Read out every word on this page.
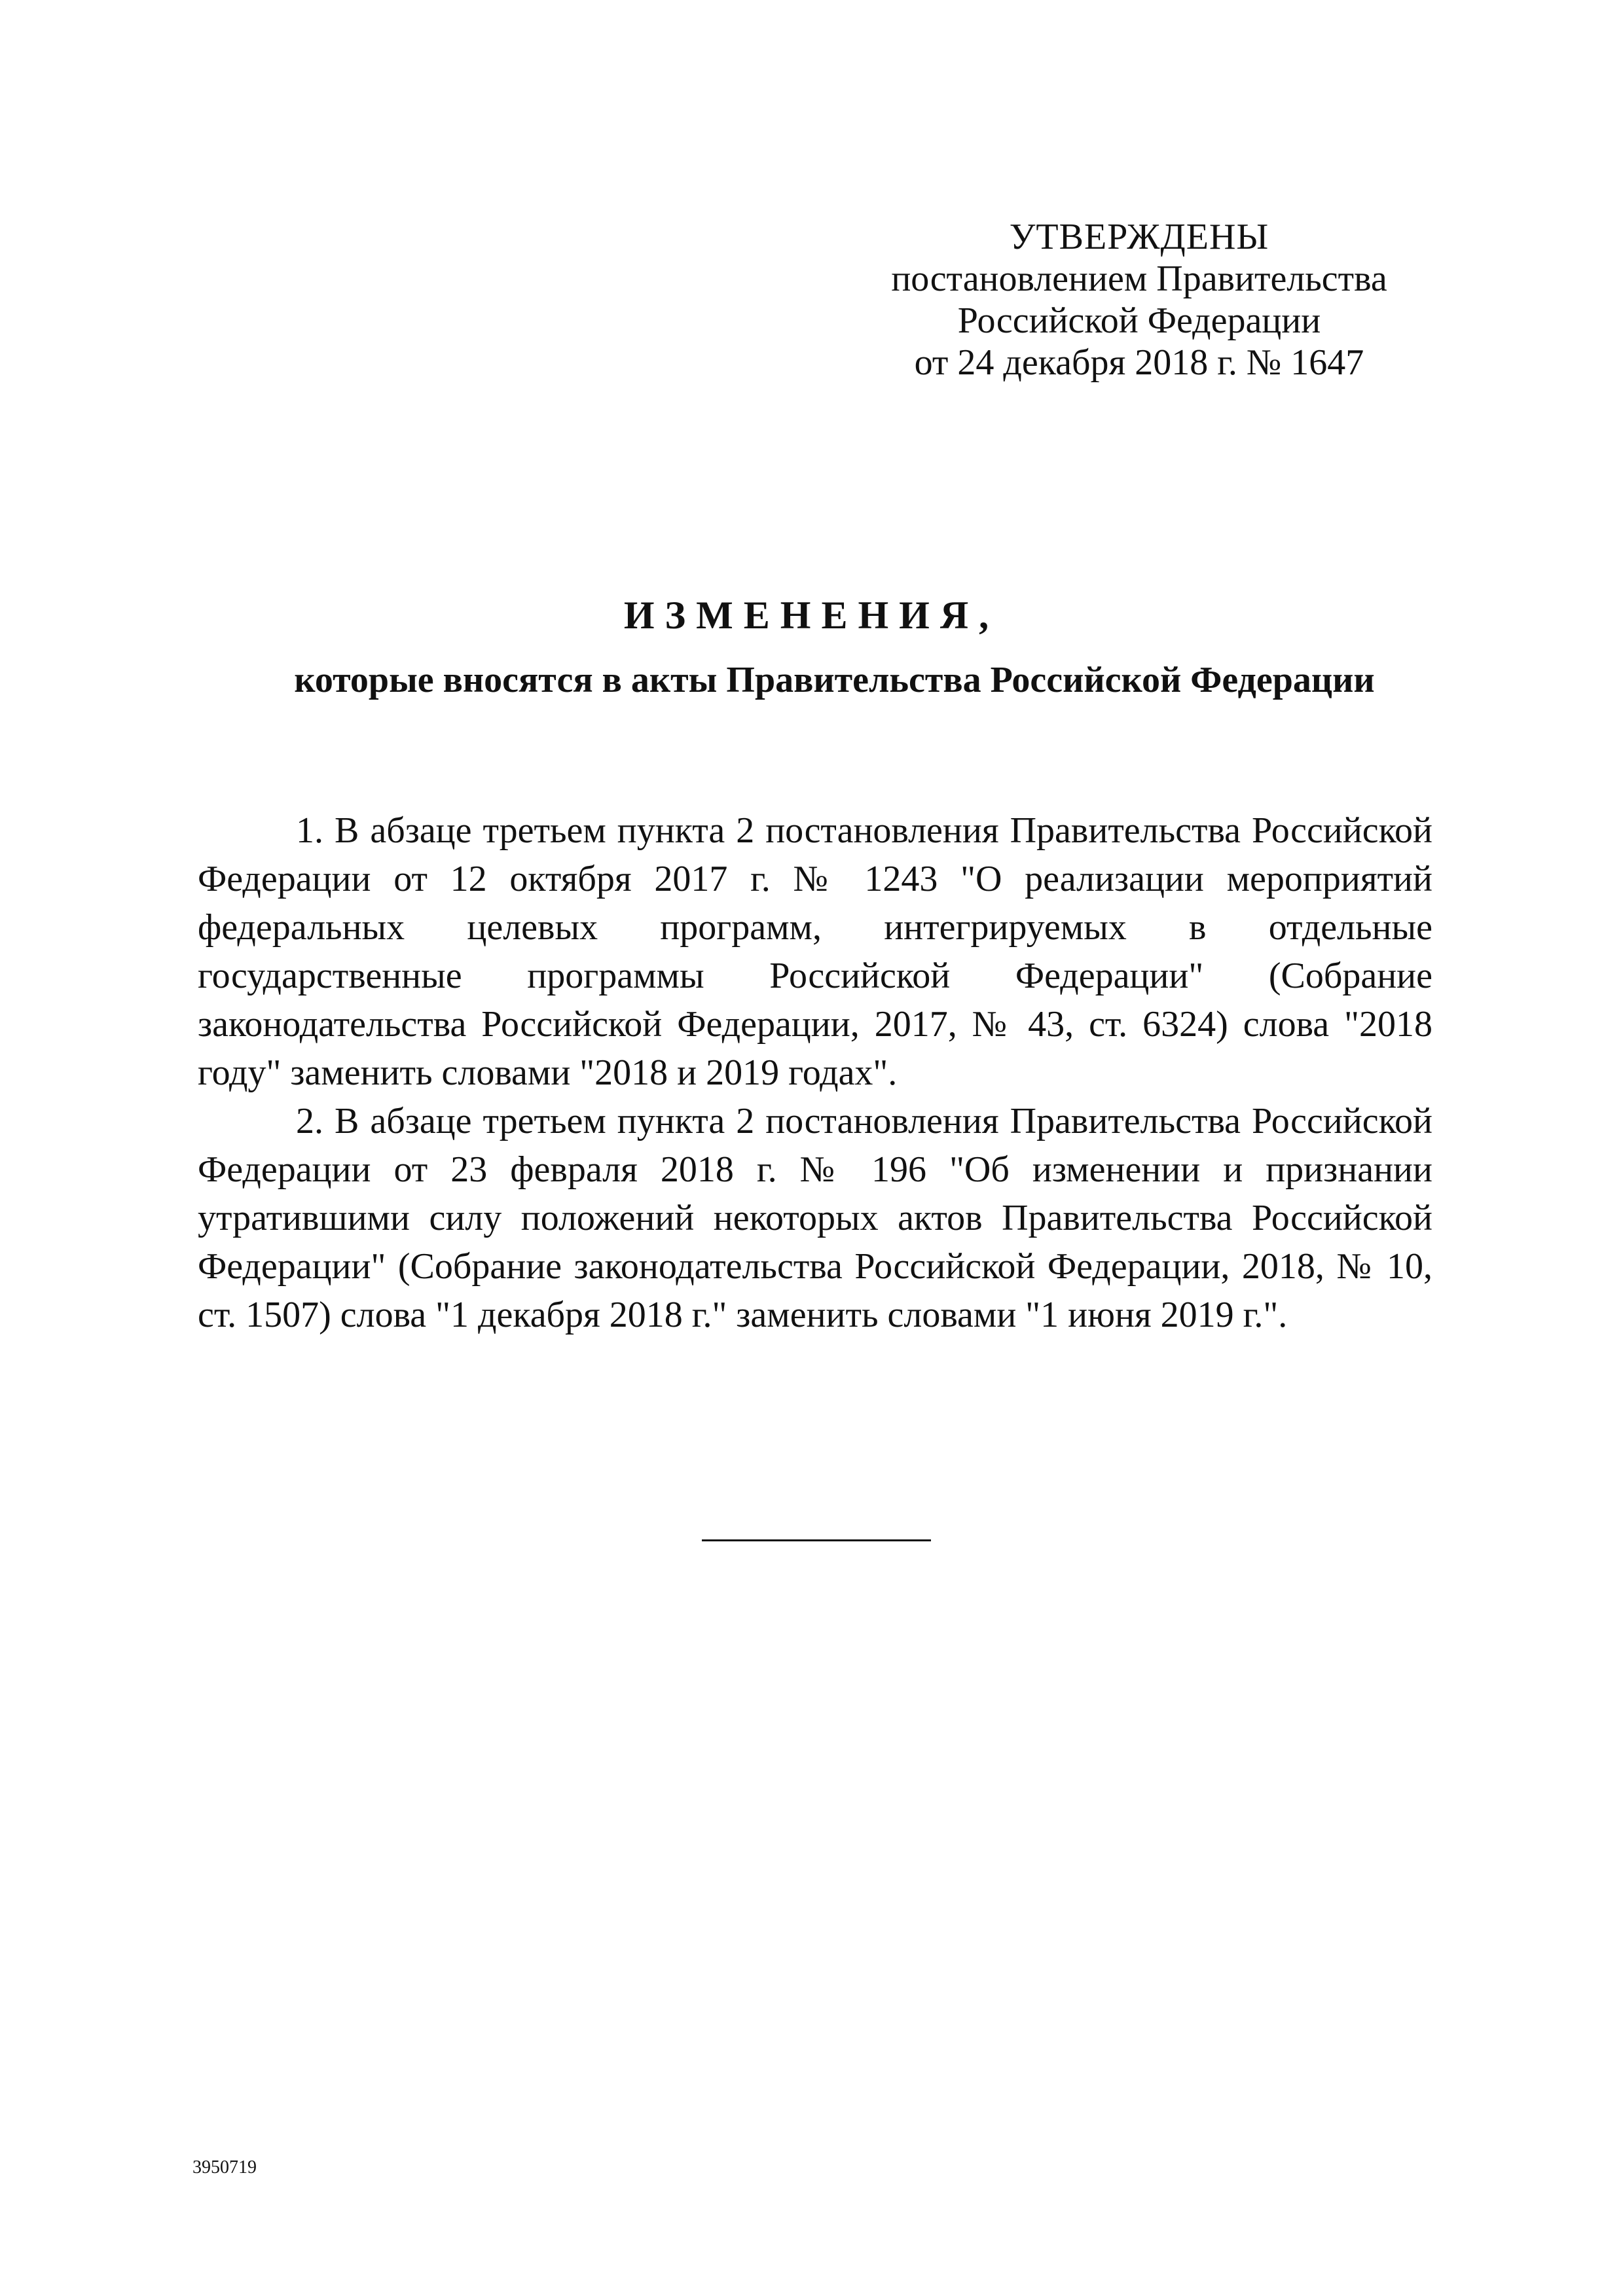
УТВЕРЖДЕНЫ
постановлением Правительства
Российской Федерации
от 24 декабря 2018 г. № 1647
ИЗМЕНЕНИЯ,
которые вносятся в акты Правительства Российской Федерации

1. В абзаце третьем пункта 2 постановления Правительства Российской Федерации от 12 октября 2017 г. № 1243 "О реализации мероприятий федеральных целевых программ, интегрируемых в отдельные государственные программы Российской Федерации" (Собрание законодательства Российской Федерации, 2017, № 43, ст. 6324) слова "2018 году" заменить словами "2018 и 2019 годах".

2. В абзаце третьем пункта 2 постановления Правительства Российской Федерации от 23 февраля 2018 г. № 196 "Об изменении и признании утратившими силу положений некоторых актов Правительства Российской Федерации" (Собрание законодательства Российской Федерации, 2018, № 10, ст. 1507) слова "1 декабря 2018 г." заменить словами "1 июня 2019 г.".

3950719
